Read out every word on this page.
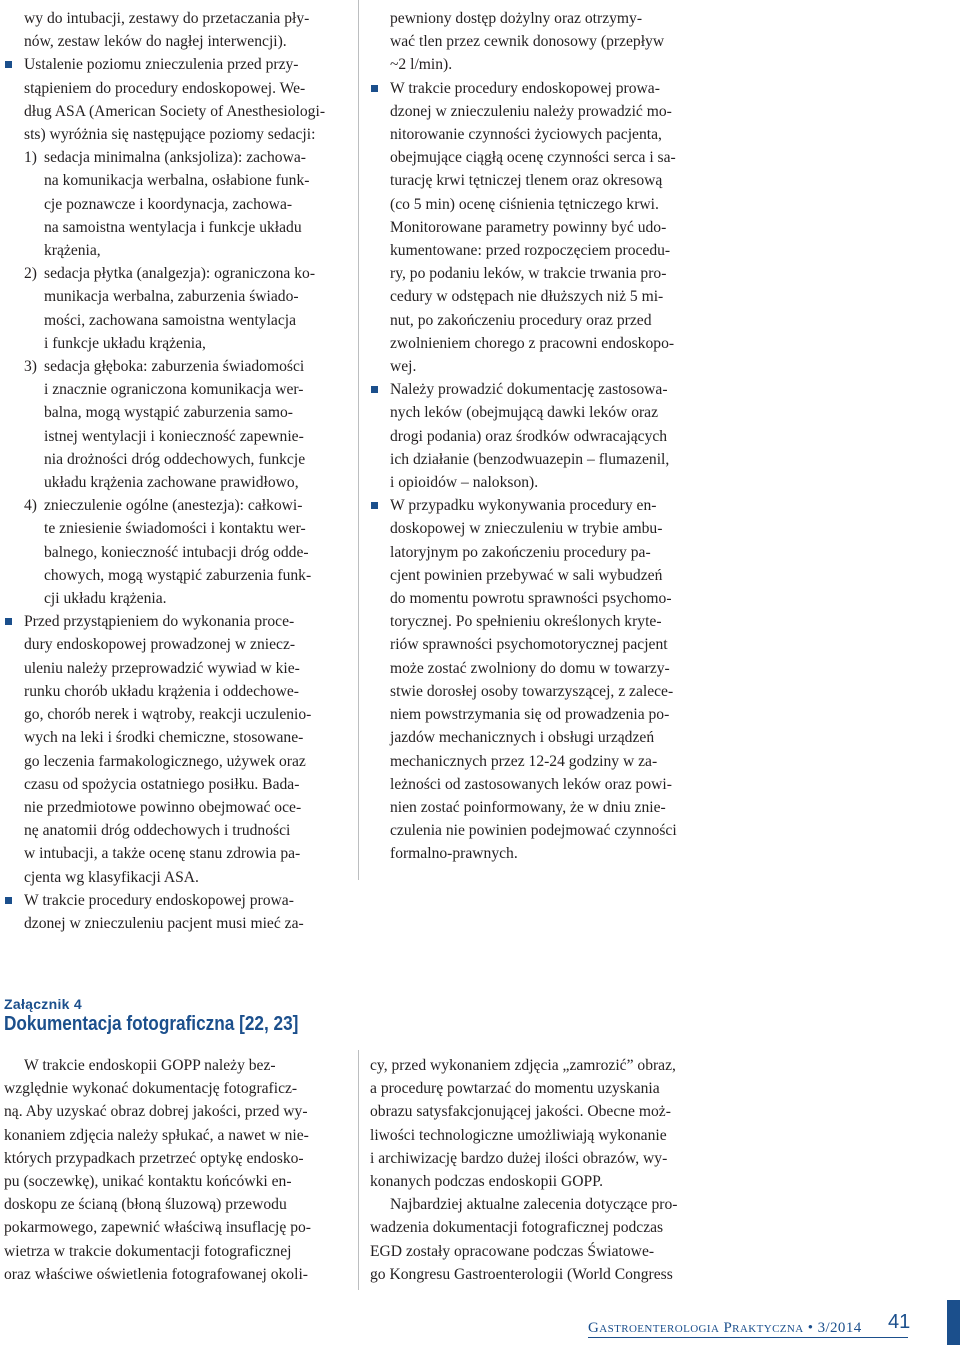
wy do intubacji, zestawy do przetaczania pły-
nów, zestaw leków do nagłej interwencji).

Ustalenie poziomu znieczulenia przed przy-
stąpieniem do procedury endoskopowej. We-
dług ASA (American Society of Anesthesiologi-
sts) wyróżnia się następujące poziomy sedacji:

1) sedacja minimalna (anksjoliza): zachowa-
na komunikacja werbalna, osłabione funk-
cje poznawcze i koordynacja, zachowa-
na samoistna wentylacja i funkcje układu
krążenia,

2) sedacja płytka (analgezja): ograniczona ko-
munikacja werbalna, zaburzenia świado-
mości, zachowana samoistna wentylacja
i funkcje układu krążenia,

3) sedacja głęboka: zaburzenia świadomości
i znacznie ograniczona komunikacja wer-
balna, mogą wystąpić zaburzenia samo-
istnej wentylacji i konieczność zapewnie-
nia drożności dróg oddechowych, funkcje
układu krążenia zachowane prawidłowo,

4) znieczulenie ogólne (anestezja): całkowi-
te zniesienie świadomości i kontaktu wer-
balnego, konieczność intubacji dróg odde-
chowych, mogą wystąpić zaburzenia funk-
cji układu krążenia.

Przed przystąpieniem do wykonania proce-
dury endoskopowej prowadzonej w zniecz-
uleniu należy przeprowadzić wywiad w kie-
runku chorób układu krążenia i oddechowe-
go, chorób nerek i wątroby, reakcji uczulenio-
wych na leki i środki chemiczne, stosowane-
go leczenia farmakologicznego, używek oraz
czasu od spożycia ostatniego posiłku. Bada-
nie przedmiotowe powinno obejmować oce-
nę anatomii dróg oddechowych i trudności
w intubacji, a także ocenę stanu zdrowia pa-
cjenta wg klasyfikacji ASA.

W trakcie procedury endoskopowej prowa-
dzonej w znieczuleniu pacjent musi mieć za-

pewniony dostęp dożylny oraz otrzymy-
wać tlen przez cewnik donosowy (przepływ
~2 l/min).

W trakcie procedury endoskopowej prowa-
dzonej w znieczuleniu należy prowadzić mo-
nitorowanie czynności życiowych pacjenta,
obejmujące ciągłą ocenę czynności serca i sa-
turację krwi tętniczej tlenem oraz okresową
(co 5 min) ocenę ciśnienia tętniczego krwi.
Monitorowane parametry powinny być udo-
kumentowane: przed rozpoczęciem procedu-
ry, po podaniu leków, w trakcie trwania pro-
cedury w odstępach nie dłuższych niż 5 mi-
nut, po zakończeniu procedury oraz przed
zwolnieniem chorego z pracowni endoskopo-
wej.

Należy prowadzić dokumentację zastosowa-
nych leków (obejmującą dawki leków oraz
drogi podania) oraz środków odwracających
ich działanie (benzodwuazepin – flumazenil,
i opioidów – nalokson).

W przypadku wykonywania procedury en-
doskopowej w znieczuleniu w trybie ambu-
latoryjnym po zakończeniu procedury pa-
cjent powinien przebywać w sali wybudzeń
do momentu powrotu sprawności psychomo-
torycznej. Po spełnieniu określonych kryte-
riów sprawności psychomotorycznej pacjent
może zostać zwolniony do domu w towarzy-
stwie dorosłej osoby towarzyszącej, z zalece-
niem powstrzymania się od prowadzenia po-
jazdów mechanicznych i obsługi urządzeń
mechanicznych przez 12-24 godziny w za-
leżności od zastosowanych leków oraz powi-
nien zostać poinformowany, że w dniu znie-
czulenia nie powinien podejmować czynności
formalno-prawnych.

Załącznik 4
Dokumentacja fotograficzna [22, 23]

W trakcie endoskopii GOPP należy bez-
względnie wykonać dokumentację fotograficz-
ną. Aby uzyskać obraz dobrej jakości, przed wy-
konaniem zdjęcia należy spłukać, a nawet w nie-
których przypadkach przetrzeć optykę endosko-
pu (soczewkę), unikać kontaktu końcówki en-
doskopu ze ścianą (błoną śluzową) przewodu
pokarmowego, zapewnić właściwą insuflację po-
wietrza w trakcie dokumentacji fotograficznej
oraz właściwe oświetlenia fotografowanej okoli-

cy, przed wykonaniem zdjęcia „zamrozić” obraz,
a procedurę powtarzać do momentu uzyskania
obrazu satysfakcjonującej jakości. Obecne moż-
liwości technologiczne umożliwiają wykonanie
i archiwizację bardzo dużej ilości obrazów, wy-
konanych podczas endoskopii GOPP.

Najbardziej aktualne zalecenia dotyczące pro-
wadzenia dokumentacji fotograficznej podczas
EGD zostały opracowane podczas Światowe-
go Kongresu Gastroenterologii (World Congress

Gastroenterologia Praktyczna • 3/2014 41
